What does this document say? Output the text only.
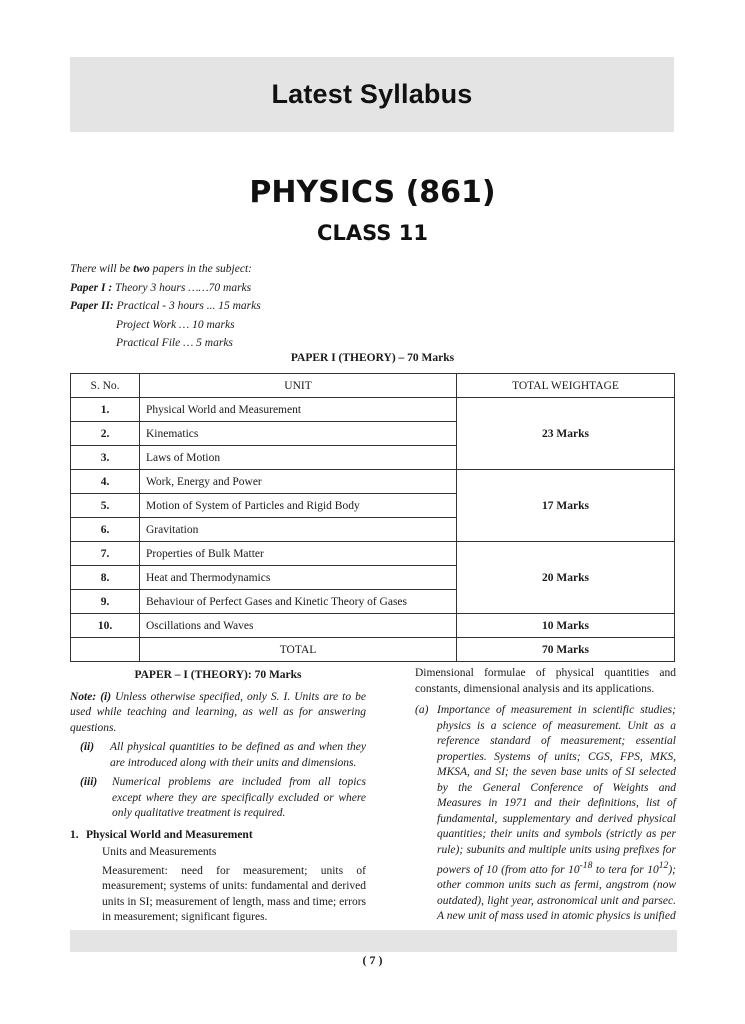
Latest Syllabus
PHYSICS (861)
CLASS 11
There will be two papers in the subject:
Paper I : Theory 3 hours ……70 marks
Paper II: Practical - 3 hours ... 15 marks
Project Work … 10 marks
Practical File … 5 marks
PAPER I (THEORY) – 70 Marks
S. No.	UNIT	TOTAL WEIGHTAGE
1.	Physical World and Measurement	23 Marks
2.	Kinematics	
3.	Laws of Motion	
4.	Work, Energy and Power	17 Marks
5.	Motion of System of Particles and Rigid Body	
6.	Gravitation	
7.	Properties of Bulk Matter	20 Marks
8.	Heat and Thermodynamics	
9.	Behaviour of Perfect Gases and Kinetic Theory of Gases	
10.	Oscillations and Waves	10 Marks
	TOTAL	70 Marks

PAPER – I (THEORY): 70 Marks

Note: (i) Unless otherwise specified, only S. I. Units are to be used while teaching and learning, as well as for answering questions.

(ii)	All physical quantities to be defined as and when they are introduced along with their units and dimensions.
(iii)	Numerical problems are included from all topics except where they are specifically excluded or where only qualitative treatment is required.
1. Physical World and Measurement

Units and Measurements

Measurement: need for measurement; units of measurement; systems of units: fundamental and derived units in SI; measurement of length, mass and time; errors in measurement; significant figures.

Dimensional formulae of physical quantities and constants, dimensional analysis and its applications.

(a) Importance of measurement in scientific studies; physics is a science of measurement. Unit as a reference standard of measurement; essential properties. Systems of units; CGS, FPS, MKS, MKSA, and SI; the seven base units of SI selected by the General Conference of Weights and Measures in 1971 and their definitions, list of fundamental, supplementary and derived physical quantities; their units and symbols (strictly as per rule); subunits and multiple units using prefixes for powers of 10 (from atto for $10^{-18}$ to tera for $10^{12}$); other common units such as fermi, angstrom (now outdated), light year, astronomical unit and parsec. A new unit of mass used in atomic physics is unified
( 7 )
